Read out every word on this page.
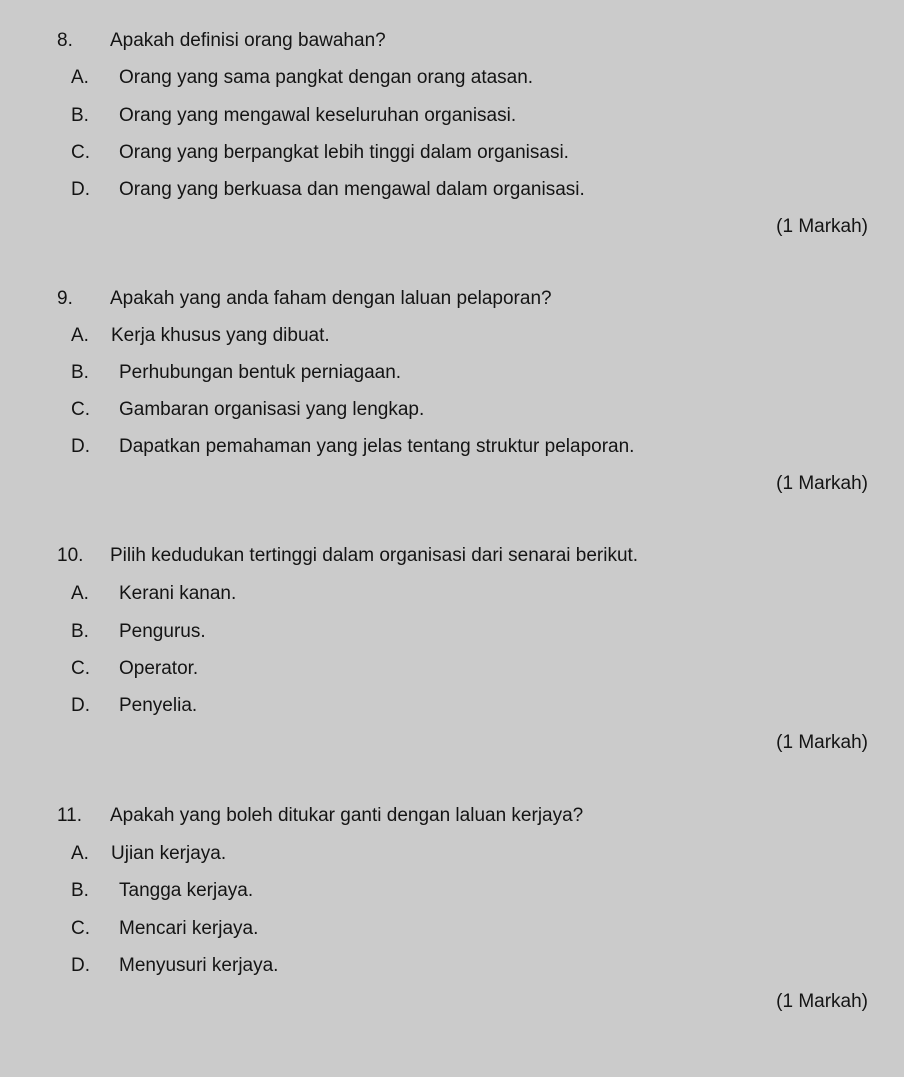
8. Apakah definisi orang bawahan?
A. Orang yang sama pangkat dengan orang atasan.
B. Orang yang mengawal keseluruhan organisasi.
C. Orang yang berpangkat lebih tinggi dalam organisasi.
D. Orang yang berkuasa dan mengawal dalam organisasi.
(1 Markah)
9. Apakah yang anda faham dengan laluan pelaporan?
A. Kerja khusus yang dibuat.
B. Perhubungan bentuk perniagaan.
C. Gambaran organisasi yang lengkap.
D. Dapatkan pemahaman yang jelas tentang struktur pelaporan.
(1 Markah)
10. Pilih kedudukan tertinggi dalam organisasi dari senarai berikut.
A. Kerani kanan.
B. Pengurus.
C. Operator.
D. Penyelia.
(1 Markah)
11. Apakah yang boleh ditukar ganti dengan laluan kerjaya?
A. Ujian kerjaya.
B. Tangga kerjaya.
C. Mencari kerjaya.
D. Menyusuri kerjaya.
(1 Markah)
